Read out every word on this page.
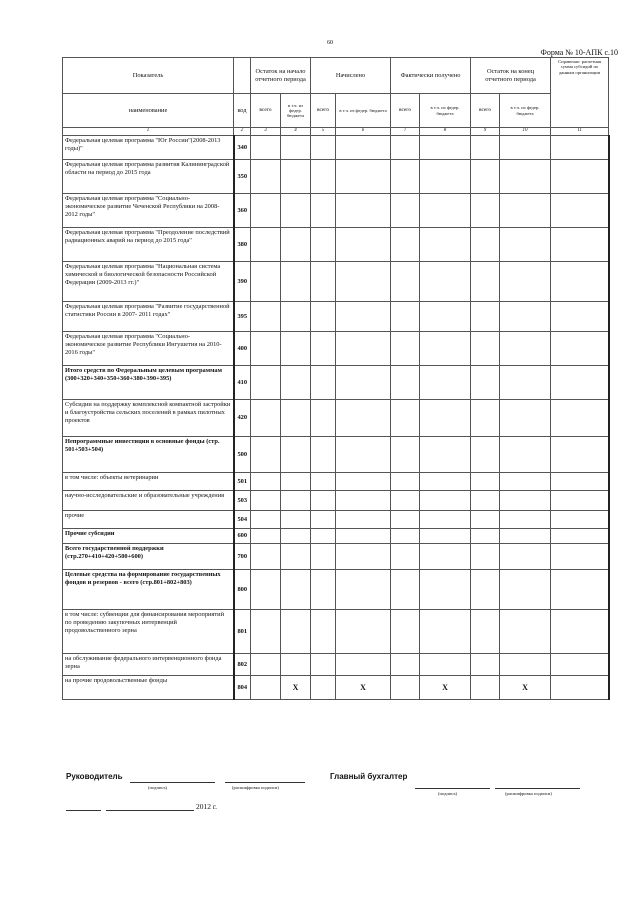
60
Форма № 10-АПК с.10
Показатель		Остаток на начало отчетного периода		Начислено		Фактически получено		Остаток на конец отчетного периода		Справочно: расчетная сумма субсидий по данным организации
наименование	код	всего	в т.ч. из федер. бюджета	всего	в т.ч. из федер. бюджета	всего	в т.ч. из федер. бюджета	всего	в т.ч. из федер. бюджета	
1	2	3	4	5	6	7	8	9	10	11
Федеральная целевая программа "Юг России"(2008-2013 годы)"	340									
Федеральная целевая программа развития Калининградской области на период до 2015 года	350									
Федеральная целевая программа "Социально-экономическое развитие Чеченской Республики на 2008-2012 годы"	360									
Федеральная целевая программа "Преодоление последствий радиационных аварий на период до 2015 года"	380									
Федеральная целевая программа "Национальная система химической и биологической безопасности Российской Федерации (2009-2013 гг.)"	390									
Федеральная целевая программа "Развитие государственной статистики России в 2007- 2011 годах"	395									
Федеральная целевая программа "Социально-экономическое развитие Республики Ингушетия на 2010-2016 годы"	400									
Итого средств по Федеральным целевым программам (300+320+340+350+360+380+390+395)	410									
Субсидии на поддержку комплексной компактной застройки и благоустройства сельских поселений в рамках пилотных проектов	420									
Непрограммные инвестиции в основные фонды (стр. 501+503+504)	500									
в том числе: объекты ветеринарии	501									
научно-исследовательские и образовательные учреждения	503									
прочие	504									
Прочие субсидии	600									
Всего государственной поддержки (стр.270+410+420+500+600)	700									
Целевые средства на формирование государственных фондов и резервов - всего (стр.801+802+803)	800									
в том числе: субвенции для финансирования мероприятий по проведению закупочных интервенций продовольственного зерна	801									
на обслуживание федерального интервенционного фонда зерна	802									
на прочие продовольственные фонды	804		X		X		X		X	
Руководитель	Главный бухгалтер
(подпись)	(расшифровка подписи)
(подпись)	(расшифровка подписи)
2012 г.
